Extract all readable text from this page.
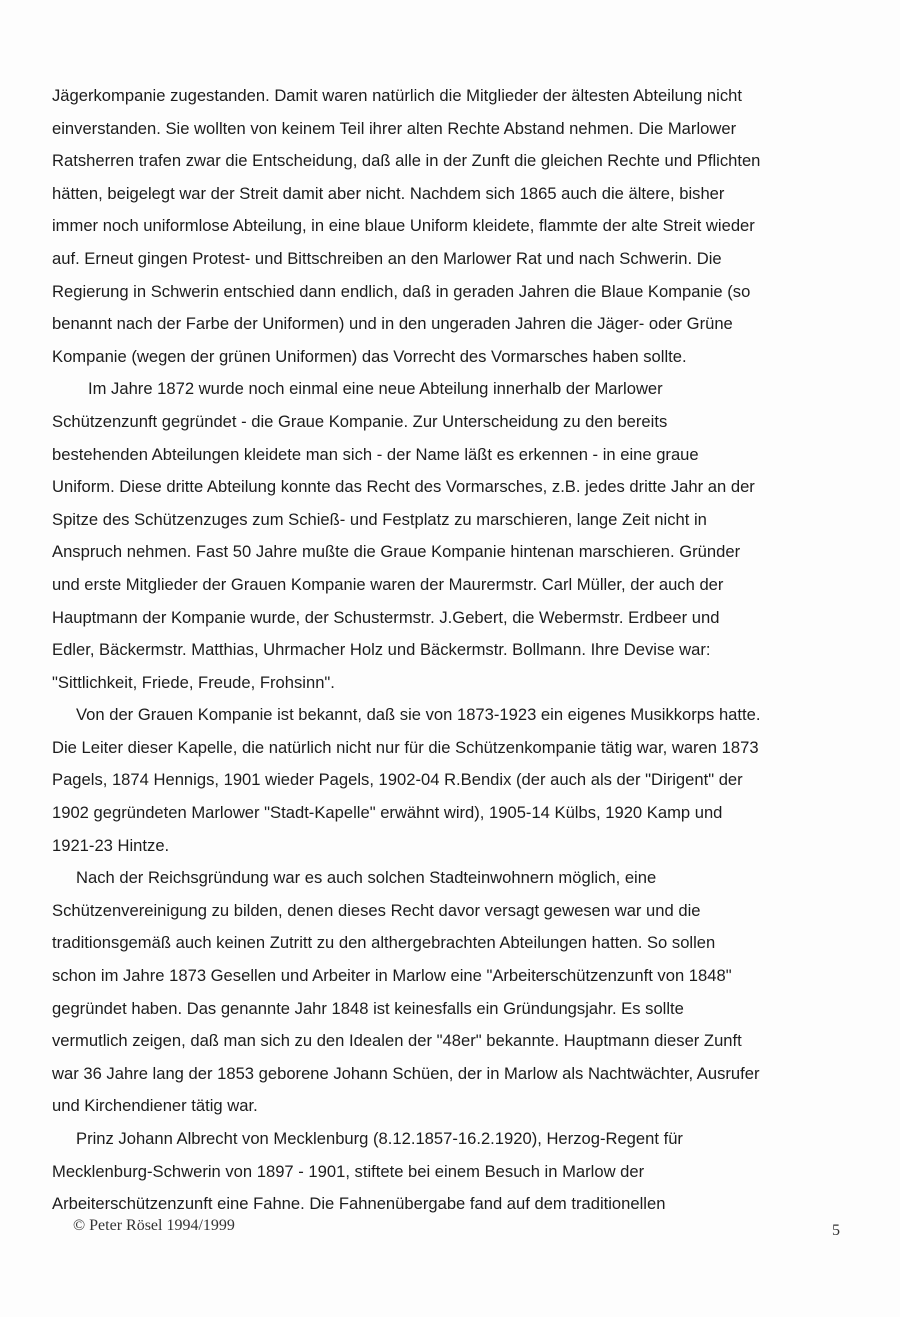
Jägerkompanie zugestanden. Damit waren natürlich die Mitglieder der ältesten Abteilung nicht
einverstanden. Sie wollten von keinem Teil ihrer alten Rechte Abstand nehmen. Die Marlower
Ratsherren trafen zwar die Entscheidung, daß alle in der Zunft die gleichen Rechte und Pflichten
hätten, beigelegt war der Streit damit aber nicht. Nachdem sich 1865 auch die ältere, bisher
immer noch uniformlose Abteilung, in eine blaue Uniform kleidete, flammte der alte Streit wieder
auf. Erneut gingen Protest- und Bittschreiben an den Marlower Rat und nach Schwerin. Die
Regierung in Schwerin entschied dann endlich, daß in geraden Jahren die Blaue Kompanie (so
benannt nach der Farbe der Uniformen) und in den ungeraden Jahren die Jäger- oder Grüne
Kompanie (wegen der grünen Uniformen) das Vorrecht des Vormarsches haben sollte.
Im Jahre 1872 wurde noch einmal eine neue Abteilung innerhalb der Marlower
Schützenzunft gegründet - die Graue Kompanie. Zur Unterscheidung zu den bereits
bestehenden Abteilungen kleidete man sich - der Name läßt es erkennen - in eine graue
Uniform. Diese dritte Abteilung konnte das Recht des Vormarsches, z.B. jedes dritte Jahr an der
Spitze des Schützenzuges zum Schieß- und Festplatz zu marschieren, lange Zeit nicht in
Anspruch nehmen. Fast 50 Jahre mußte die Graue Kompanie hintenan marschieren. Gründer
und erste Mitglieder der Grauen Kompanie waren der Maurermstr. Carl Müller, der auch der
Hauptmann der Kompanie wurde, der Schustermstr. J.Gebert, die Webermstr. Erdbeer und
Edler, Bäckermstr. Matthias, Uhrmacher Holz und Bäckermstr. Bollmann. Ihre Devise war:
"Sittlichkeit, Friede, Freude, Frohsinn".
Von der Grauen Kompanie ist bekannt, daß sie von 1873-1923 ein eigenes Musikkorps hatte.
Die Leiter dieser Kapelle, die natürlich nicht nur für die Schützenkompanie tätig war, waren 1873
Pagels, 1874 Hennigs, 1901 wieder Pagels, 1902-04 R.Bendix (der auch als der "Dirigent" der
1902 gegründeten Marlower "Stadt-Kapelle" erwähnt wird), 1905-14 Külbs, 1920 Kamp und
1921-23 Hintze.
Nach der Reichsgründung war es auch solchen Stadteinwohnern möglich, eine
Schützenvereinigung zu bilden, denen dieses Recht davor versagt gewesen war und die
traditionsgemäß auch keinen Zutritt zu den althergebrachten Abteilungen hatten. So sollen
schon im Jahre 1873 Gesellen und Arbeiter in Marlow eine "Arbeiterschützenzunft von 1848"
gegründet haben. Das genannte Jahr 1848 ist keinesfalls ein Gründungsjahr. Es sollte
vermutlich zeigen, daß man sich zu den Idealen der "48er" bekannte. Hauptmann dieser Zunft
war 36 Jahre lang der 1853 geborene Johann Schüen, der in Marlow als Nachtwächter, Ausrufer
und Kirchendiener tätig war.
Prinz Johann Albrecht von Mecklenburg (8.12.1857-16.2.1920), Herzog-Regent für
Mecklenburg-Schwerin von 1897 - 1901, stiftete bei einem Besuch in Marlow der
Arbeiterschützenzunft eine Fahne. Die Fahnenübergabe fand auf dem traditionellen
© Peter Rösel 1994/1999	5
